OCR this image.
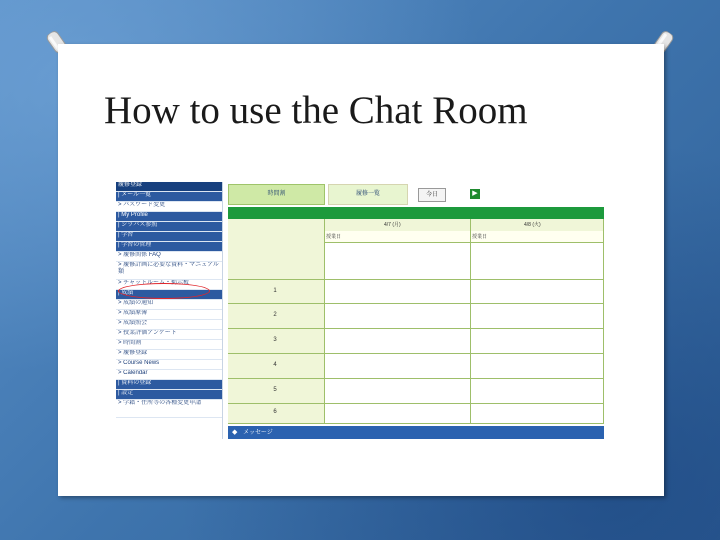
How to use the Chat Room
履修登録
| メール一覧
> パスワード変更
| My Profile
| シラバス参照
| 学習
| 学習の管理
> 履修関係 FAQ
> 履修計画に必要な資料・マニュアル類
> チャットルーム・掲示板
| 成績
> 成績の通知
> 成績原簿
> 成績照会
> 授業評価アンケート
> 時間割
> 履修登録
> Course News
> Calendar
| 資料の登録
| 設定
> 学籍・住所等の各種変更申請
時間割	履修一覧	今日	▶
4/7 (月)	4/8 (火)
授業日	授業日
1
2
3
4
5
6
◆ メッセージ
